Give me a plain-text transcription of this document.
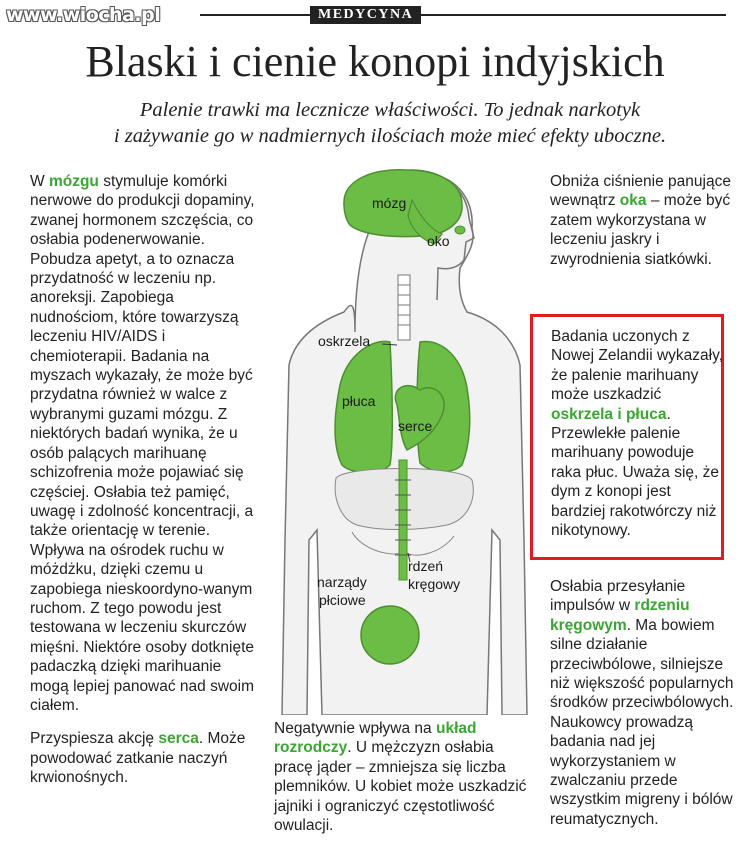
www.wiocha.pl	MEDYCYNA
Blaski i cienie konopi indyjskich
Palenie trawki ma lecznicze właściwości. To jednak narkotyk
i zażywanie go w nadmiernych ilościach może mieć efekty uboczne.
W mózgu stymuluje komórki nerwowe do produkcji dopaminy, zwanej hormonem szczęścia, co osłabia podenerwowanie. Pobudza apetyt, a to oznacza przydatność w leczeniu np. anoreksji. Zapobiega nudnościom, które towarzyszą leczeniu HIV/AIDS i chemioterapii. Badania na myszach wykazały, że może być przydatna również w walce z wybranymi guzami mózgu. Z niektórych badań wynika, że u osób palących marihuanę schizofrenia może pojawiać się częściej. Osłabia też pamięć, uwagę i zdolność koncentracji, a także orientację w terenie. Wpływa na ośrodek ruchu w móżdżku, dzięki czemu u zapobiega nieskoordyno-wanym ruchom. Z tego powodu jest testowana w leczeniu skurczów mięśni. Niektóre osoby dotknięte padaczką dzięki marihuanie mogą lepiej panować nad swoim ciałem.
Przyspiesza akcję serca. Może powodować zatkanie naczyń krwionośnych.
mózg
oko
oskrzela
płuca
serce
rdzeń
kręgowy
narządy
płciowe
Obniża ciśnienie panujące wewnątrz oka – może być zatem wykorzystana w leczeniu jaskry i zwyrodnienia siatkówki.
Badania uczonych z Nowej Zelandii wykazały, że palenie marihuany może uszkadzić oskrzela i płuca. Przewlekłe palenie marihuany powoduje raka płuc. Uważa się, że dym z konopi jest bardziej rakotwórczy niż nikotynowy.
Osłabia przesyłanie impulsów w rdzeniu kręgowym. Ma bowiem silne działanie przeciwbólowe, silniejsze niż większość popularnych środków przeciwbólowych. Naukowcy prowadzą badania nad jej wykorzystaniem w zwalczaniu przede wszystkim migreny i bólów reumatycznych.
Negatywnie wpływa na układ rozrodczy. U mężczyzn osłabia pracę jąder – zmniejsza się liczba plemników. U kobiet może uszkadzić jajniki i ograniczyć częstotliwość owulacji.
